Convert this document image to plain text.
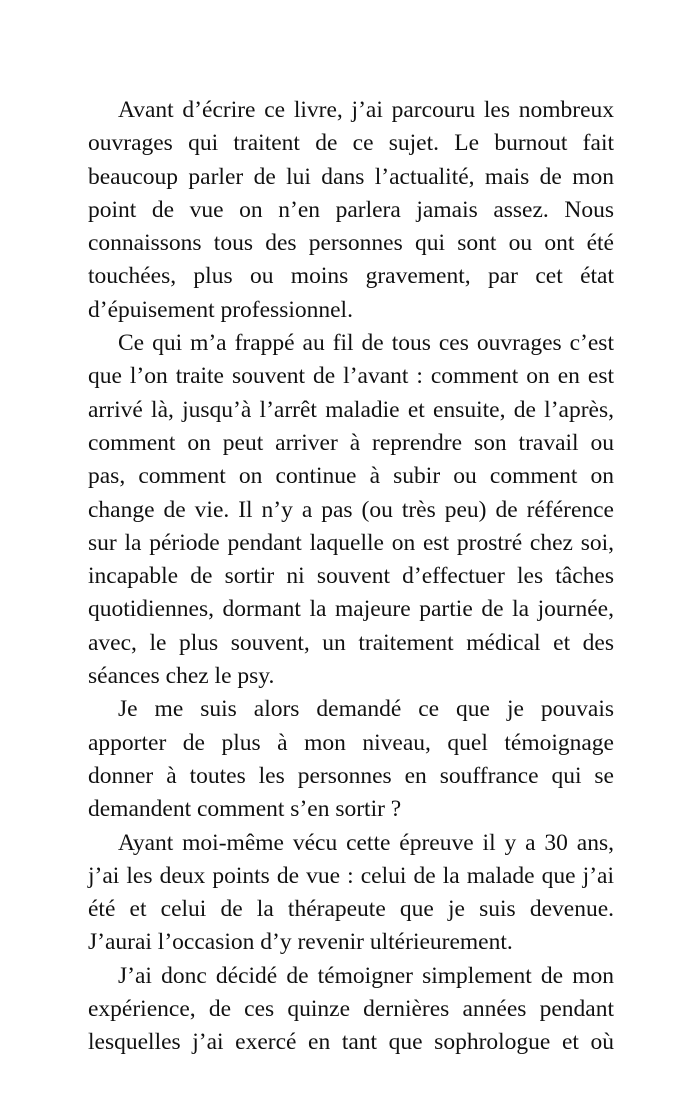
Avant d’écrire ce livre, j’ai parcouru les nombreux
ouvrages qui traitent de ce sujet. Le burnout fait
beaucoup parler de lui dans l’actualité, mais de mon
point de vue on n’en parlera jamais assez. Nous
connaissons tous des personnes qui sont ou ont été
touchées, plus ou moins gravement, par cet état
d’épuisement professionnel.
Ce qui m’a frappé au fil de tous ces ouvrages c’est
que l’on traite souvent de l’avant : comment on en est
arrivé là, jusqu’à l’arrêt maladie et ensuite, de l’après,
comment on peut arriver à reprendre son travail ou
pas, comment on continue à subir ou comment on
change de vie. Il n’y a pas (ou très peu) de référence
sur la période pendant laquelle on est prostré chez soi,
incapable de sortir ni souvent d’effectuer les tâches
quotidiennes, dormant la majeure partie de la journée,
avec, le plus souvent, un traitement médical et des
séances chez le psy.
Je me suis alors demandé ce que je pouvais
apporter de plus à mon niveau, quel témoignage
donner à toutes les personnes en souffrance qui se
demandent comment s’en sortir ?
Ayant moi-même vécu cette épreuve il y a 30 ans,
j’ai les deux points de vue : celui de la malade que j’ai
été et celui de la thérapeute que je suis devenue.
J’aurai l’occasion d’y revenir ultérieurement.
J’ai donc décidé de témoigner simplement de mon
expérience, de ces quinze dernières années pendant
lesquelles j’ai exercé en tant que sophrologue et où
